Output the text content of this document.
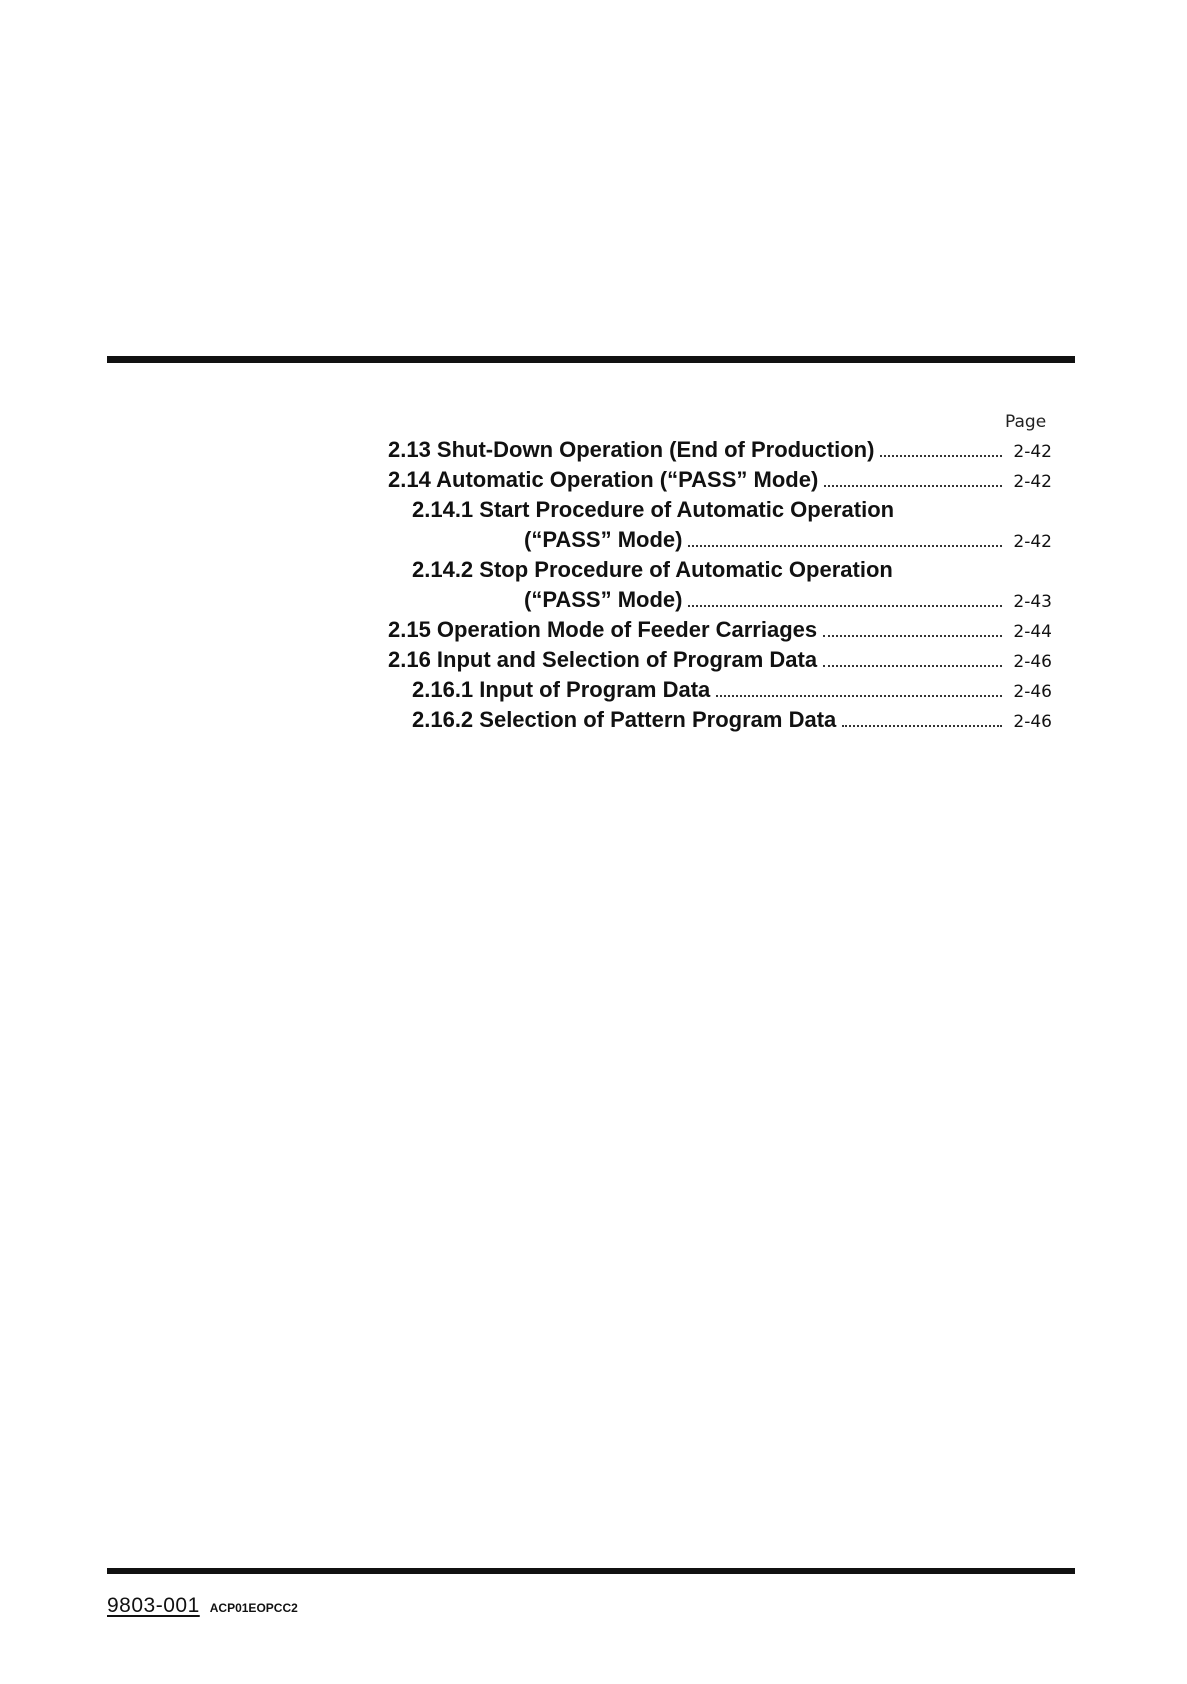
Page
2.13 Shut-Down Operation (End of Production)	2-42
2.14 Automatic Operation (“PASS” Mode)	2-42
2.14.1 Start Procedure of Automatic Operation
(“PASS” Mode)	2-42
2.14.2 Stop Procedure of Automatic Operation
(“PASS” Mode)	2-43
2.15 Operation Mode of Feeder Carriages	2-44
2.16 Input and Selection of Program Data	2-46
2.16.1 Input of Program Data	2-46
2.16.2 Selection of Pattern Program Data	2-46
9803-001 ACP01EOPCC2
